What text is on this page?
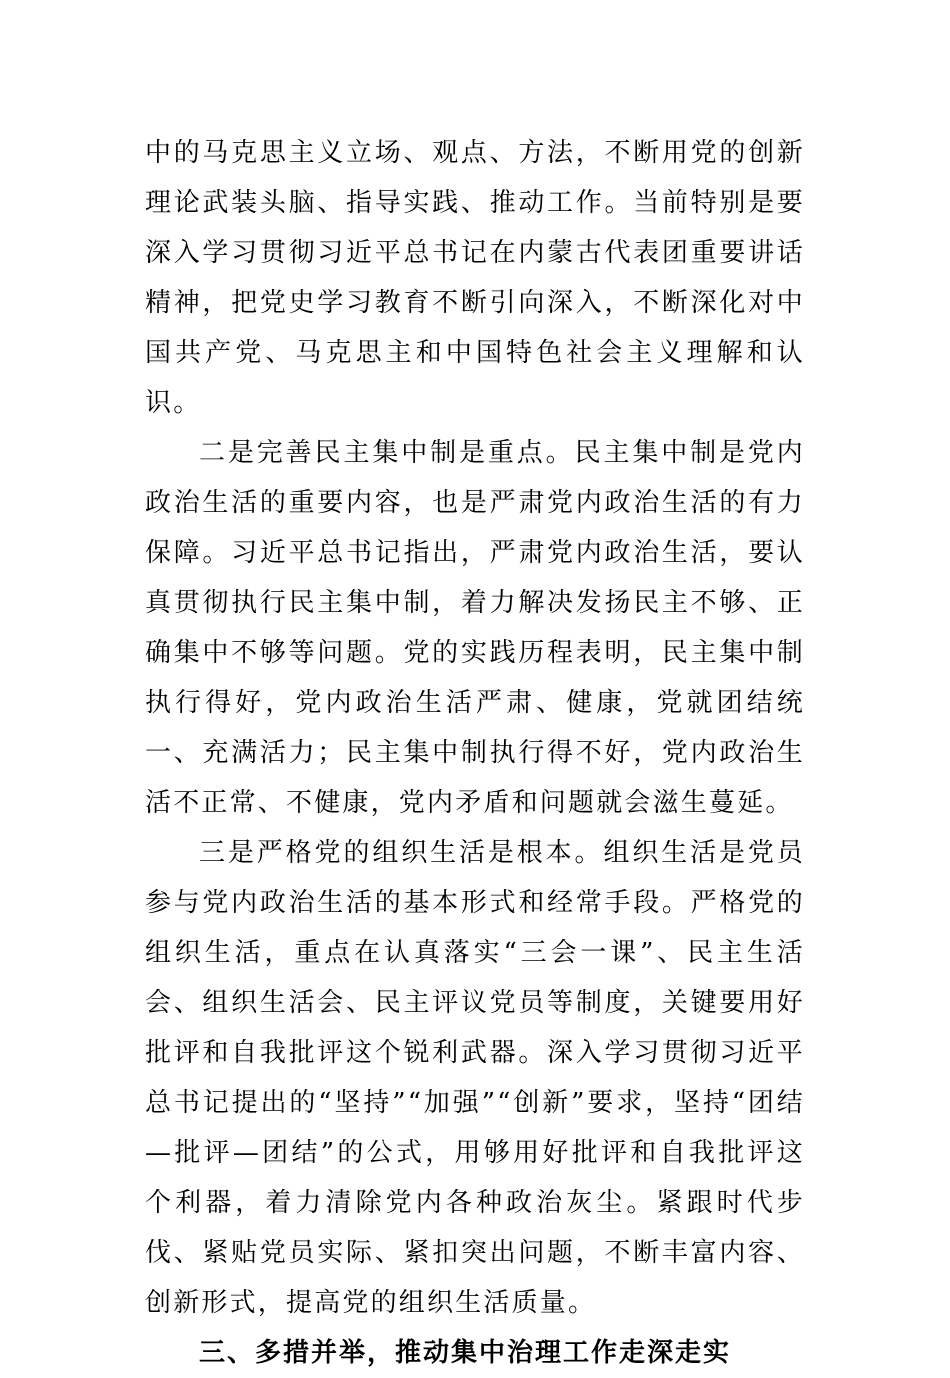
中的马克思主义立场、观点、方法，不断用党的创新理论武装头脑、指导实践、推动工作。当前特别是要深入学习贯彻习近平总书记在内蒙古代表团重要讲话精神，把党史学习教育不断引向深入，不断深化对中国共产党、马克思主和中国特色社会主义理解和认识。

二是完善民主集中制是重点。民主集中制是党内政治生活的重要内容，也是严肃党内政治生活的有力保障。习近平总书记指出，严肃党内政治生活，要认真贯彻执行民主集中制，着力解决发扬民主不够、正确集中不够等问题。党的实践历程表明，民主集中制执行得好，党内政治生活严肃、健康，党就团结统一、充满活力；民主集中制执行得不好，党内政治生活不正常、不健康，党内矛盾和问题就会滋生蔓延。

三是严格党的组织生活是根本。组织生活是党员参与党内政治生活的基本形式和经常手段。严格党的组织生活，重点在认真落实“三会一课”、民主生活会、组织生活会、民主评议党员等制度，关键要用好批评和自我批评这个锐利武器。深入学习贯彻习近平总书记提出的“坚持”“加强”“创新”要求，坚持“团结—批评—团结”的公式，用够用好批评和自我批评这个利器，着力清除党内各种政治灰尘。紧跟时代步伐、紧贴党员实际、紧扣突出问题，不断丰富内容、创新形式，提高党的组织生活质量。

三、多措并举，推动集中治理工作走深走实
